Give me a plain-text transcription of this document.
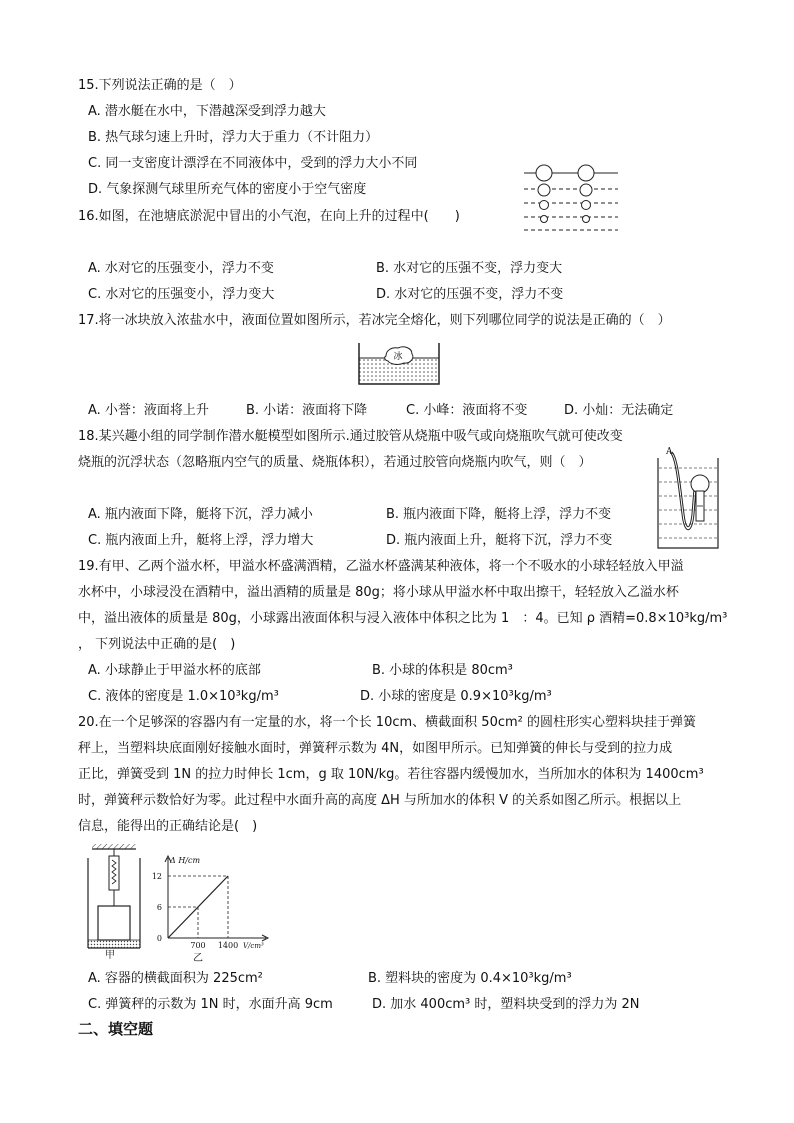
15.下列说法正确的是（　）
A. 潜水艇在水中，下潜越深受到浮力越大
B. 热气球匀速上升时，浮力大于重力（不计阻力）
C. 同一支密度计漂浮在不同液体中，受到的浮力大小不同
D. 气象探测气球里所充气体的密度小于空气密度
16.如图，在池塘底淤泥中冒出的小气泡，在向上升的过程中(　　)
A. 水对它的压强变小，浮力不变	B. 水对它的压强不变，浮力变大
C. 水对它的压强变小，浮力变大	D. 水对它的压强不变，浮力不变
17.将一冰块放入浓盐水中，液面位置如图所示，若冰完全熔化，则下列哪位同学的说法是正确的（　）
冰
A. 小誉：液面将上升	B. 小诺：液面将下降	C. 小峰：液面将不变	D. 小灿：无法确定
18.某兴趣小组的同学制作潜水艇模型如图所示.通过胶管从烧瓶中吸气或向烧瓶吹气就可使改变
烧瓶的沉浮状态（忽略瓶内空气的质量、烧瓶体积），若通过胶管向烧瓶内吹气，则（　）
A
A. 瓶内液面下降，艇将下沉，浮力减小	B. 瓶内液面下降，艇将上浮，浮力不变
C. 瓶内液面上升，艇将上浮，浮力增大	D. 瓶内液面上升，艇将下沉，浮力不变
19.有甲、乙两个溢水杯，甲溢水杯盛满酒精，乙溢水杯盛满某种液体，将一个不吸水的小球轻轻放入甲溢
水杯中，小球浸没在酒精中，溢出酒精的质量是 80g；将小球从甲溢水杯中取出擦干，轻轻放入乙溢水杯
中，溢出液体的质量是 80g，小球露出液面体积与浸入液体中体积之比为 1　：4。已知 ρ 酒精=0.8×10³kg/m³
， 下列说法中正确的是(　)
A. 小球静止于甲溢水杯的底部	B. 小球的体积是 80cm³
C. 液体的密度是 1.0×10³kg/m³	D. 小球的密度是 0.9×10³kg/m³
20.在一个足够深的容器内有一定量的水，将一个长 10cm、横截面积 50cm² 的圆柱形实心塑料块挂于弹簧
秤上，当塑料块底面刚好接触水面时，弹簧秤示数为 4N，如图甲所示。已知弹簧的伸长与受到的拉力成
正比，弹簧受到 1N 的拉力时伸长 1cm，g 取 10N/kg。若往容器内缓慢加水，当所加水的体积为 1400cm³
时，弹簧秤示数恰好为零。此过程中水面升高的高度 ΔH 与所加水的体积 V 的关系如图乙所示。根据以上
信息，能得出的正确结论是(　)
甲
Δ H/cm
12
6
0
700 1400 V/cm³
乙
A. 容器的横截面积为 225cm²	B. 塑料块的密度为 0.4×10³kg/m³
C. 弹簧秤的示数为 1N 时，水面升高 9cm	D. 加水 400cm³ 时，塑料块受到的浮力为 2N
二、填空题
